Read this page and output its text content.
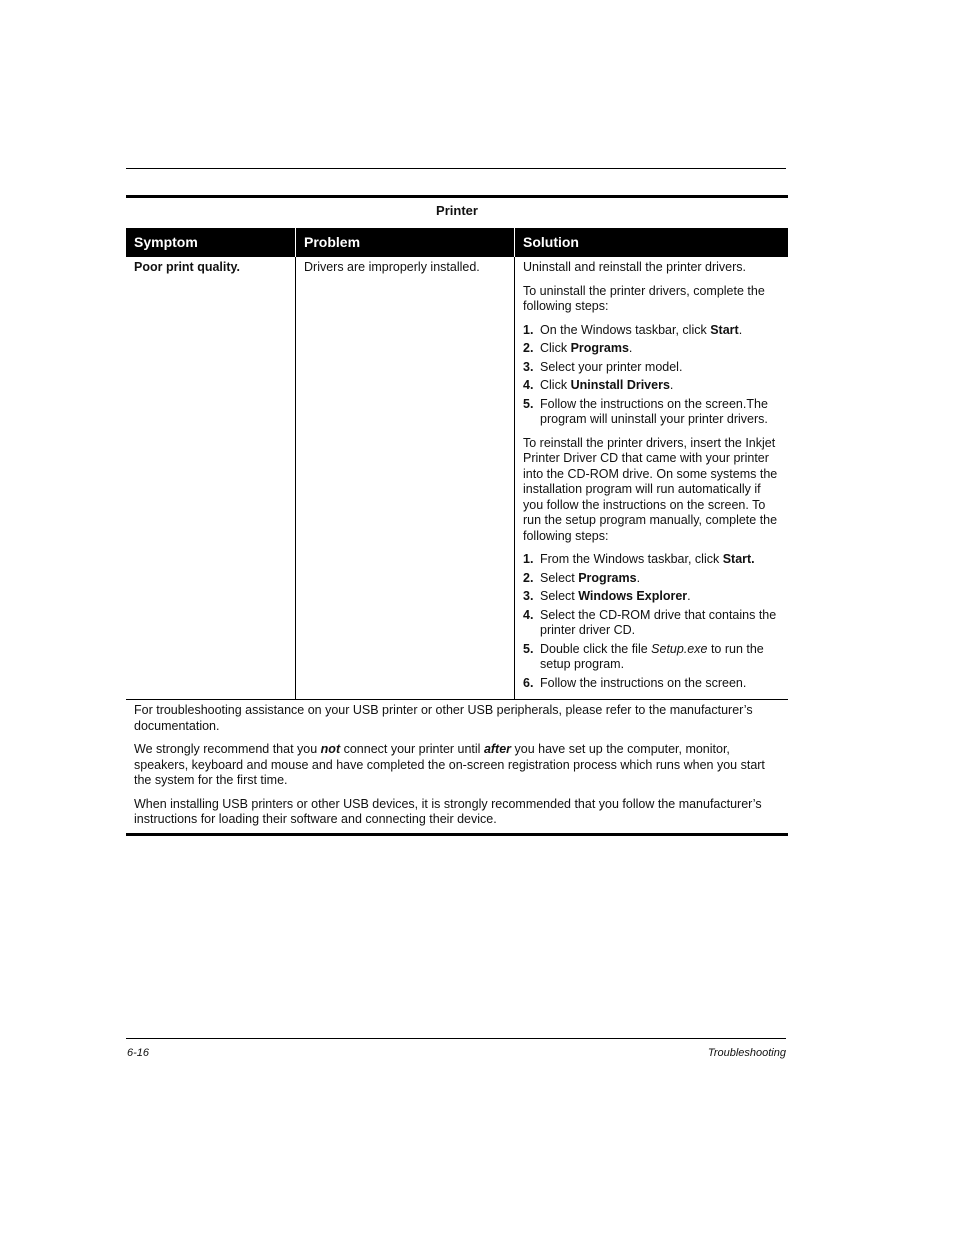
Printer
Symptom	Problem	Solution
Poor print quality.	Drivers are improperly installed.	Uninstall and reinstall the printer drivers.

To uninstall the printer drivers, complete the following steps:

1. On the Windows taskbar, click Start.
2. Click Programs.
3. Select your printer model.
4. Click Uninstall Drivers.
5. Follow the instructions on the screen.The program will uninstall your printer drivers.

To reinstall the printer drivers, insert the Inkjet Printer Driver CD that came with your printer into the CD-ROM drive. On some systems the installation program will run automatically if you follow the instructions on the screen. To run the setup program manually, complete the following steps:

1. From the Windows taskbar, click Start.
2. Select Programs.
3. Select Windows Explorer.
4. Select the CD-ROM drive that contains the printer driver CD.
5. Double click the file Setup.exe to run the setup program.
6. Follow the instructions on the screen.

For troubleshooting assistance on your USB printer or other USB peripherals, please refer to the manufacturer’s documentation.

We strongly recommend that you not connect your printer until after you have set up the computer, monitor, speakers, keyboard and mouse and have completed the on-screen registration process which runs when you start the system for the first time.

When installing USB printers or other USB devices, it is strongly recommended that you follow the manufacturer’s instructions for loading their software and connecting their device.

6-16	Troubleshooting
